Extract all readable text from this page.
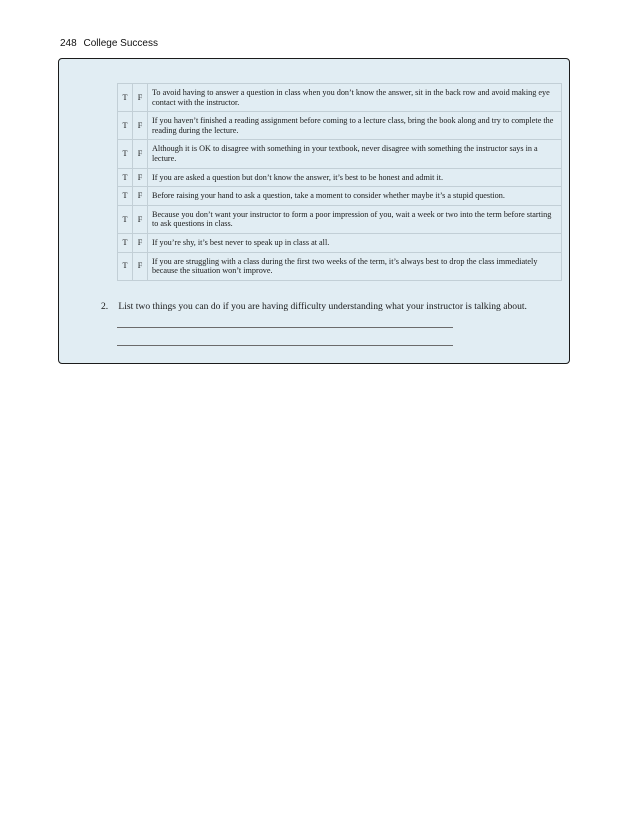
248 College Success
T	F	To avoid having to answer a question in class when you don’t know the answer, sit in the back row and avoid making eye contact with the instructor.
T	F	If you haven’t finished a reading assignment before coming to a lecture class, bring the book along and try to complete the reading during the lecture.
T	F	Although it is OK to disagree with something in your textbook, never disagree with something the instructor says in a lecture.
T	F	If you are asked a question but don’t know the answer, it’s best to be honest and admit it.
T	F	Before raising your hand to ask a question, take a moment to consider whether maybe it’s a stupid question.
T	F	Because you don’t want your instructor to form a poor impression of you, wait a week or two into the term before starting to ask questions in class.
T	F	If you’re shy, it’s best never to speak up in class at all.
T	F	If you are struggling with a class during the first two weeks of the term, it’s always best to drop the class immediately because the situation won’t improve.
2. List two things you can do if you are having difficulty understanding what your instructor is talking about.
